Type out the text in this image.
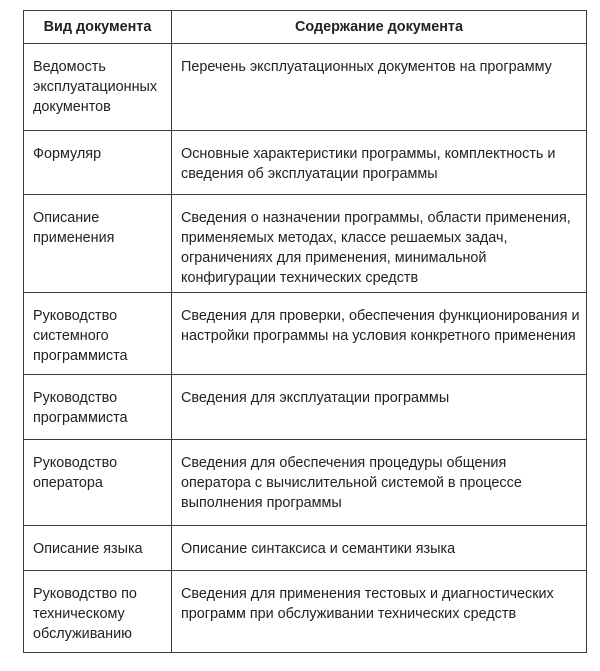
Вид документа	Содержание документа
Ведомость эксплуатационных документов	Перечень эксплуатационных документов на программу
Формуляр	Основные характеристики программы, комплектность и сведения об эксплуатации программы
Описание применения	Сведения о назначении программы, области применения, применяемых методах, классе решаемых задач, ограничениях для применения, минимальной конфигурации технических средств
Руководство системного программиста	Сведения для проверки, обеспечения функционирования и настройки программы на условия конкретного применения
Руководство программиста	Сведения для эксплуатации программы
Руководство оператора	Сведения для обеспечения процедуры общения оператора с вычислительной системой в процессе выполнения программы
Описание языка	Описание синтаксиса и семантики языка
Руководство по техническому обслуживанию	Сведения для применения тестовых и диагностических программ при обслуживании технических средств
